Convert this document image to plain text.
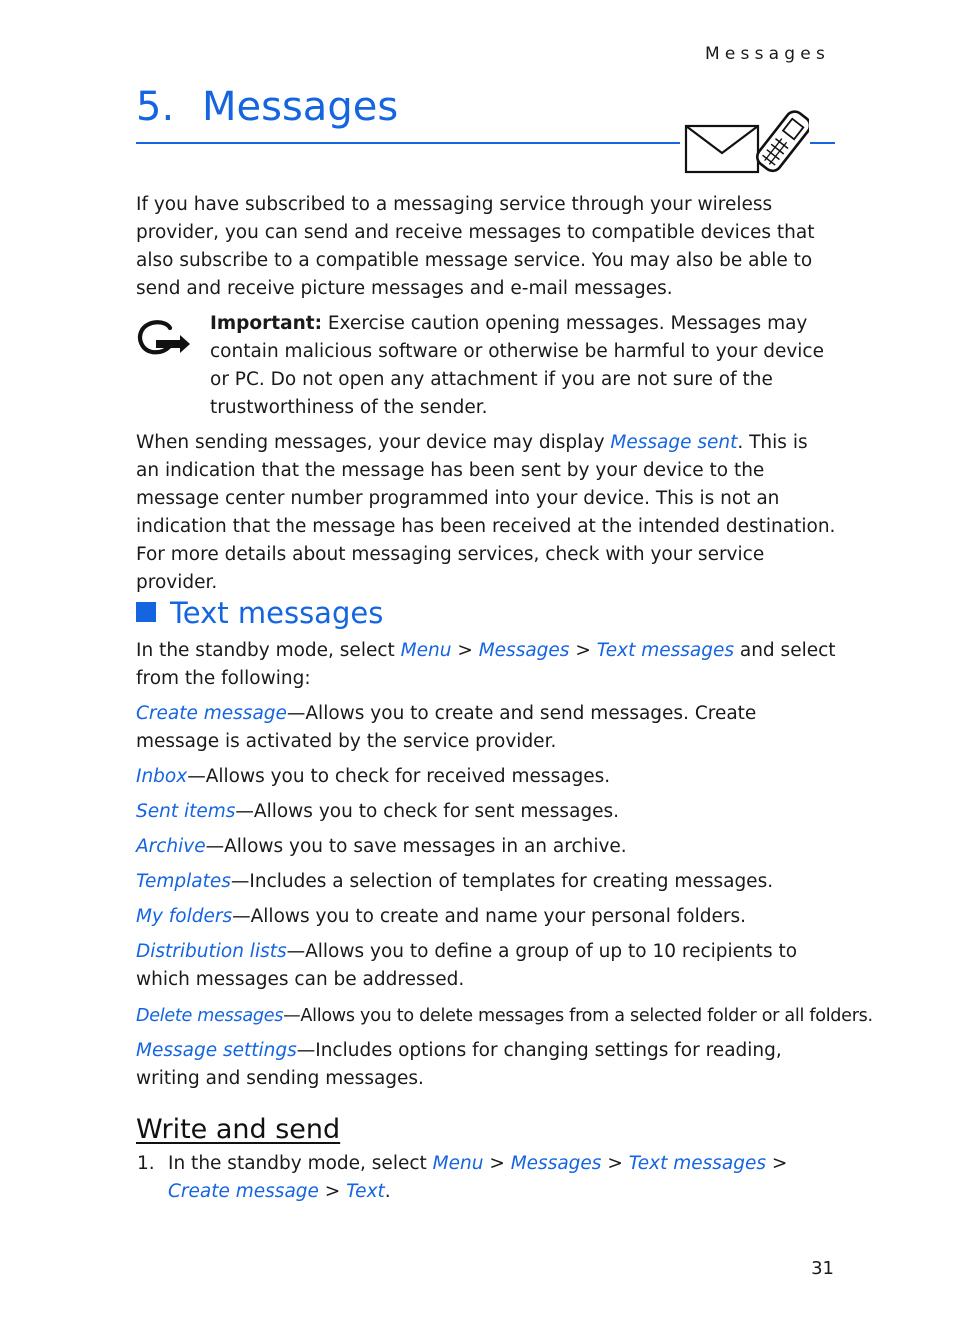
Messages
5. Messages

If you have subscribed to a messaging service through your wireless provider, you can send and receive messages to compatible devices that also subscribe to a compatible message service. You may also be able to send and receive picture messages and e-mail messages.

Important: Exercise caution opening messages. Messages may contain malicious software or otherwise be harmful to your device or PC. Do not open any attachment if you are not sure of the trustworthiness of the sender.

When sending messages, your device may display Message sent. This is an indication that the message has been sent by your device to the message center number programmed into your device. This is not an indication that the message has been received at the intended destination. For more details about messaging services, check with your service provider.

Text messages

In the standby mode, select Menu > Messages > Text messages and select from the following:

Create message—Allows you to create and send messages. Create message is activated by the service provider.

Inbox—Allows you to check for received messages.

Sent items—Allows you to check for sent messages.

Archive—Allows you to save messages in an archive.

Templates—Includes a selection of templates for creating messages.

My folders—Allows you to create and name your personal folders.

Distribution lists—Allows you to define a group of up to 10 recipients to which messages can be addressed.

Delete messages—Allows you to delete messages from a selected folder or all folders.

Message settings—Includes options for changing settings for reading, writing and sending messages.

Write and send
1. In the standby mode, select Menu > Messages > Text messages > Create message > Text.

31
